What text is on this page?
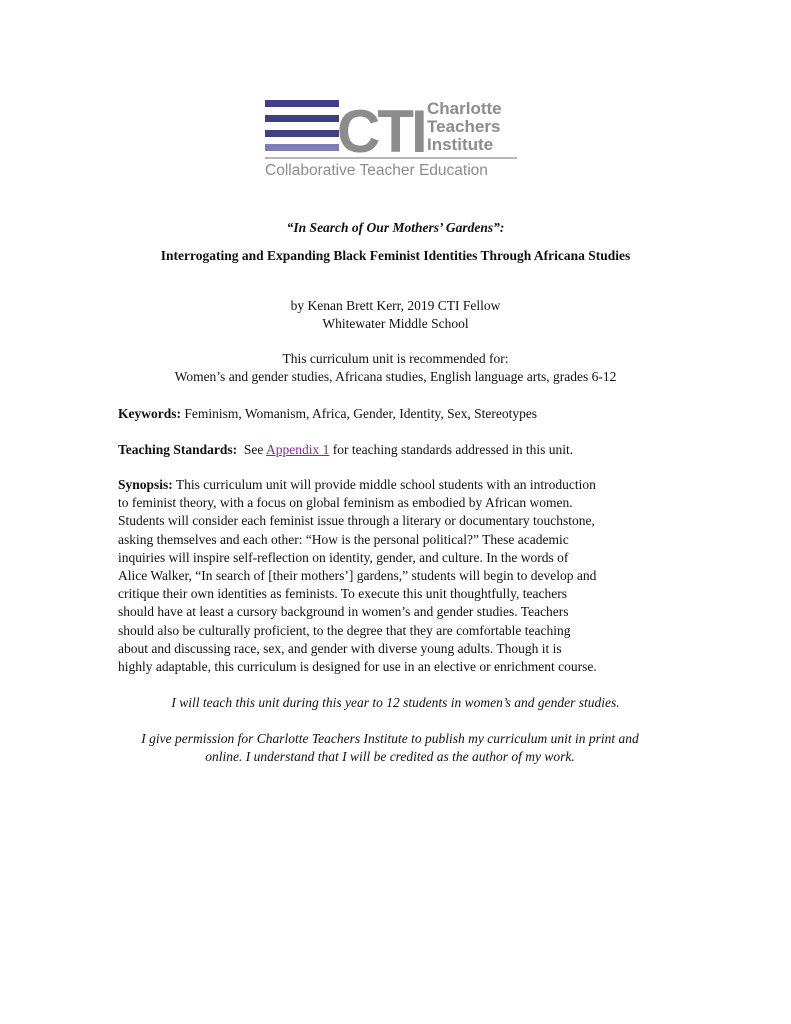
CTI Charlotte
Teachers
Institute
Collaborative Teacher Education
“In Search of Our Mothers’ Gardens”:
Interrogating and Expanding Black Feminist Identities Through Africana Studies
by Kenan Brett Kerr, 2019 CTI Fellow
Whitewater Middle School
This curriculum unit is recommended for:
Women’s and gender studies, Africana studies, English language arts, grades 6-12
Keywords: Feminism, Womanism, Africa, Gender, Identity, Sex, Stereotypes
Teaching Standards:  See Appendix 1 for teaching standards addressed in this unit.
Synopsis: This curriculum unit will provide middle school students with an introduction
to feminist theory, with a focus on global feminism as embodied by African women.
Students will consider each feminist issue through a literary or documentary touchstone,
asking themselves and each other: “How is the personal political?” These academic
inquiries will inspire self-reflection on identity, gender, and culture. In the words of
Alice Walker, “In search of [their mothers’] gardens,” students will begin to develop and
critique their own identities as feminists. To execute this unit thoughtfully, teachers
should have at least a cursory background in women’s and gender studies. Teachers
should also be culturally proficient, to the degree that they are comfortable teaching
about and discussing race, sex, and gender with diverse young adults. Though it is
highly adaptable, this curriculum is designed for use in an elective or enrichment course.
I will teach this unit during this year to 12 students in women’s and gender studies.
I give permission for Charlotte Teachers Institute to publish my curriculum unit in print and
online. I understand that I will be credited as the author of my work.
